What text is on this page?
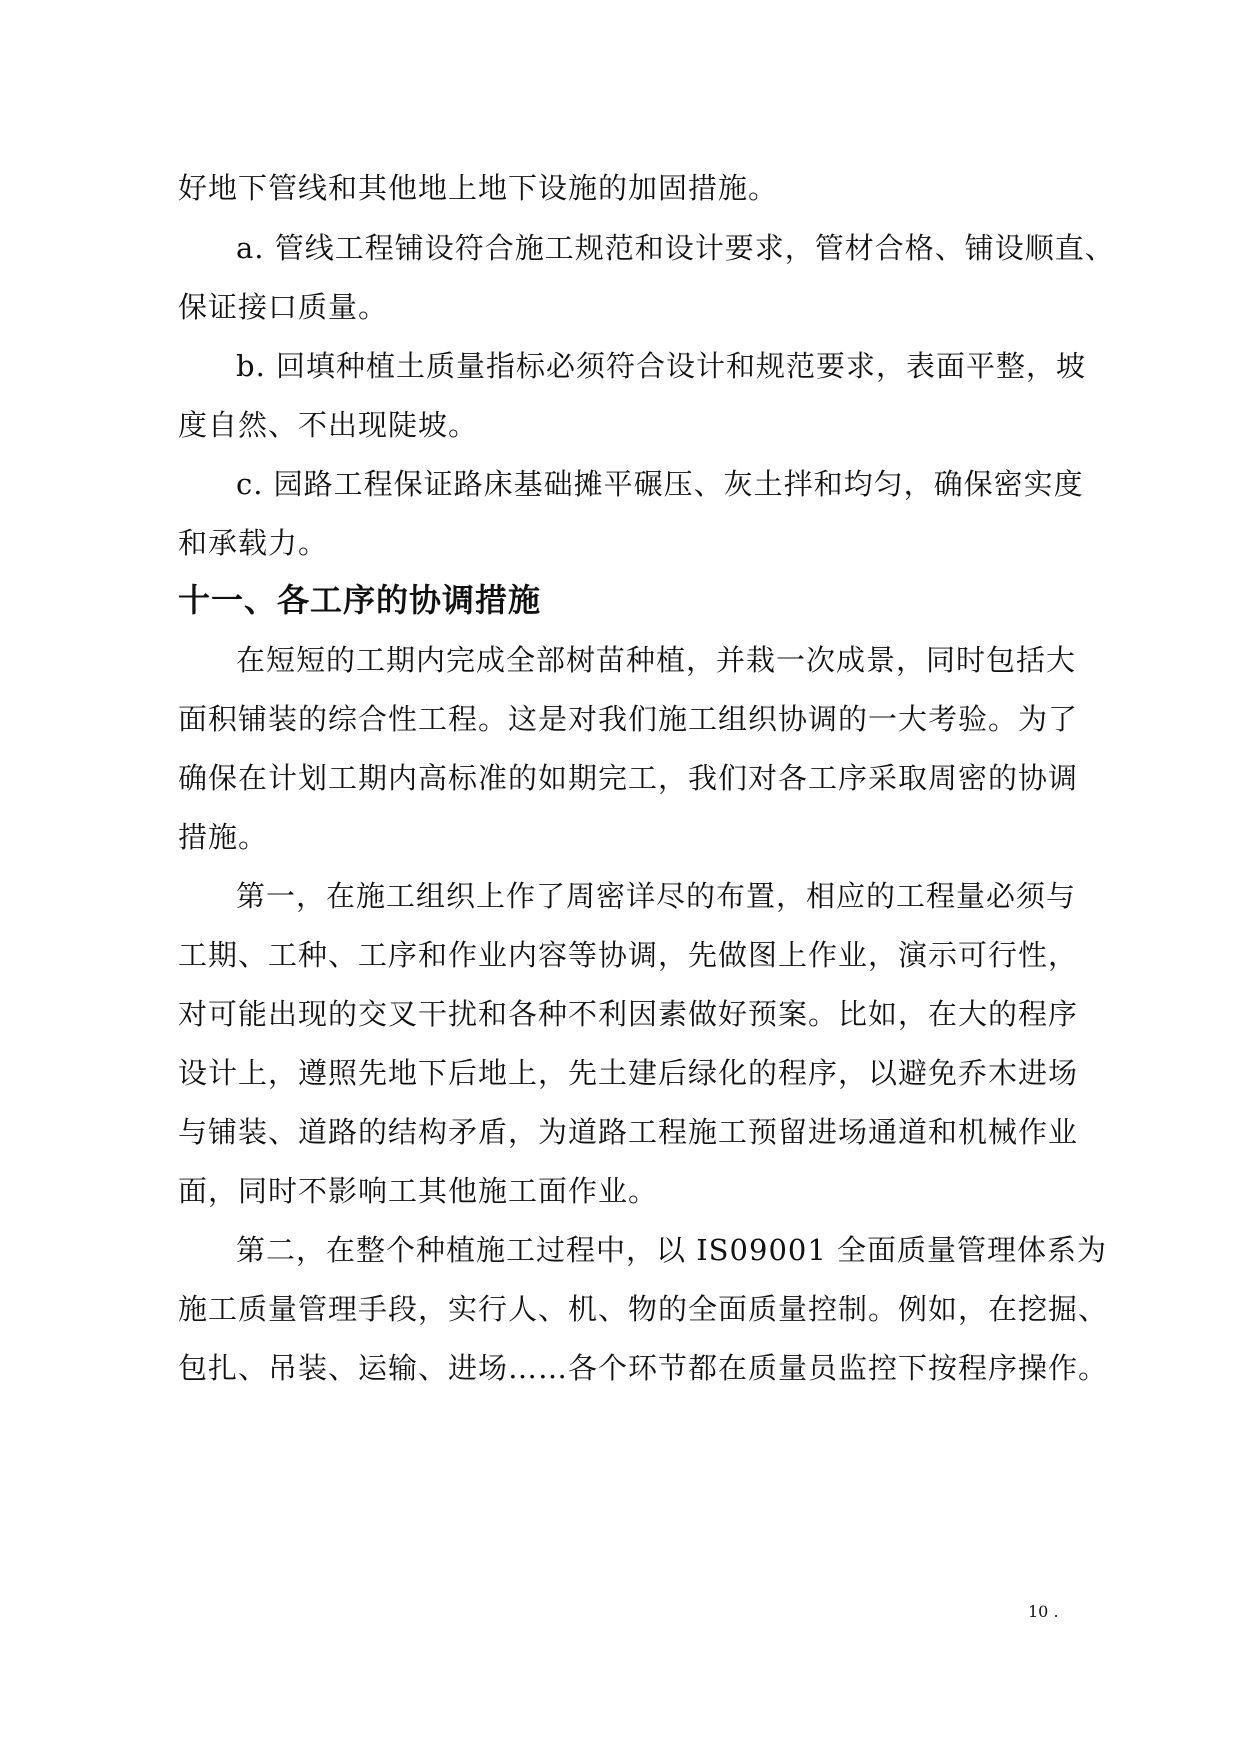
好地下管线和其他地上地下设施的加固措施。
a. 管线工程铺设符合施工规范和设计要求，管材合格、铺设顺直、
保证接口质量。
b. 回填种植土质量指标必须符合设计和规范要求，表面平整，坡
度自然、不出现陡坡。
c. 园路工程保证路床基础摊平碾压、灰土拌和均匀，确保密实度
和承载力。
十一、各工序的协调措施
在短短的工期内完成全部树苗种植，并栽一次成景，同时包括大
面积铺装的综合性工程。这是对我们施工组织协调的一大考验。为了
确保在计划工期内高标准的如期完工，我们对各工序采取周密的协调
措施。
第一，在施工组织上作了周密详尽的布置，相应的工程量必须与
工期、工种、工序和作业内容等协调，先做图上作业，演示可行性，
对可能出现的交叉干扰和各种不利因素做好预案。比如，在大的程序
设计上，遵照先地下后地上，先土建后绿化的程序，以避免乔木进场
与铺装、道路的结构矛盾，为道路工程施工预留进场通道和机械作业
面，同时不影响工其他施工面作业。
第二，在整个种植施工过程中，以 IS09001 全面质量管理体系为
施工质量管理手段，实行人、机、物的全面质量控制。例如，在挖掘、
包扎、吊装、运输、进场……各个环节都在质量员监控下按程序操作。
10 .
